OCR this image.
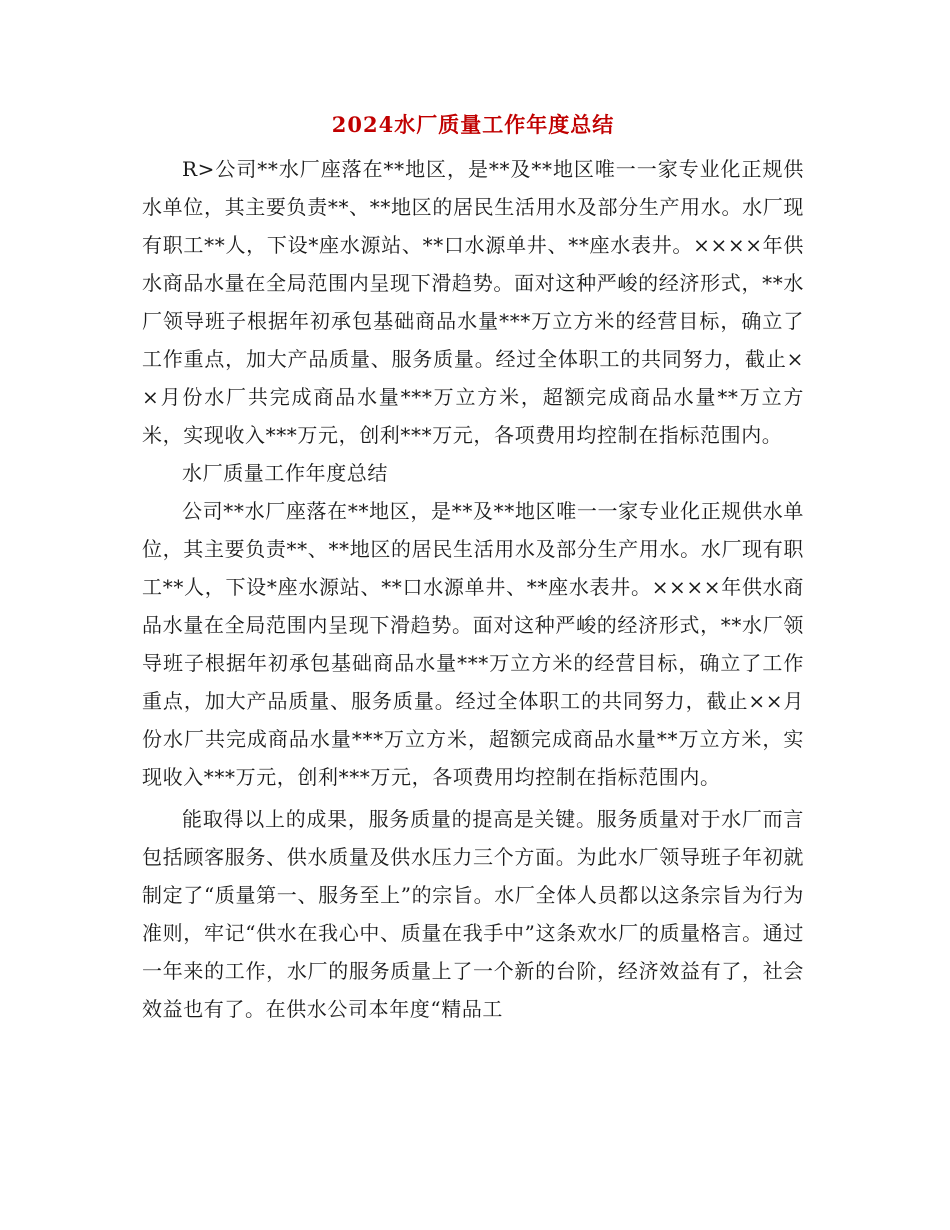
2024水厂质量工作年度总结

R>公司**水厂座落在**地区，是**及**地区唯一一家专业化正规供水单位，其主要负责**、**地区的居民生活用水及部分生产用水。水厂现有职工**人，下设*座水源站、**口水源单井、**座水表井。××××年供水商品水量在全局范围内呈现下滑趋势。面对这种严峻的经济形式，**水厂领导班子根据年初承包基础商品水量***万立方米的经营目标，确立了工作重点，加大产品质量、服务质量。经过全体职工的共同努力，截止××月份水厂共完成商品水量***万立方米，超额完成商品水量**万立方米，实现收入***万元，创利***万元，各项费用均控制在指标范围内。

水厂质量工作年度总结

公司**水厂座落在**地区，是**及**地区唯一一家专业化正规供水单位，其主要负责**、**地区的居民生活用水及部分生产用水。水厂现有职工**人，下设*座水源站、**口水源单井、**座水表井。××××年供水商品水量在全局范围内呈现下滑趋势。面对这种严峻的经济形式，**水厂领导班子根据年初承包基础商品水量***万立方米的经营目标，确立了工作重点，加大产品质量、服务质量。经过全体职工的共同努力，截止××月份水厂共完成商品水量***万立方米，超额完成商品水量**万立方米，实现收入***万元，创利***万元，各项费用均控制在指标范围内。

能取得以上的成果，服务质量的提高是关键。服务质量对于水厂而言包括顾客服务、供水质量及供水压力三个方面。为此水厂领导班子年初就制定了“质量第一、服务至上”的宗旨。水厂全体人员都以这条宗旨为行为准则，牢记“供水在我心中、质量在我手中”这条欢水厂的质量格言。通过一年来的工作，水厂的服务质量上了一个新的台阶，经济效益有了，社会效益也有了。在供水公司本年度“精品工
